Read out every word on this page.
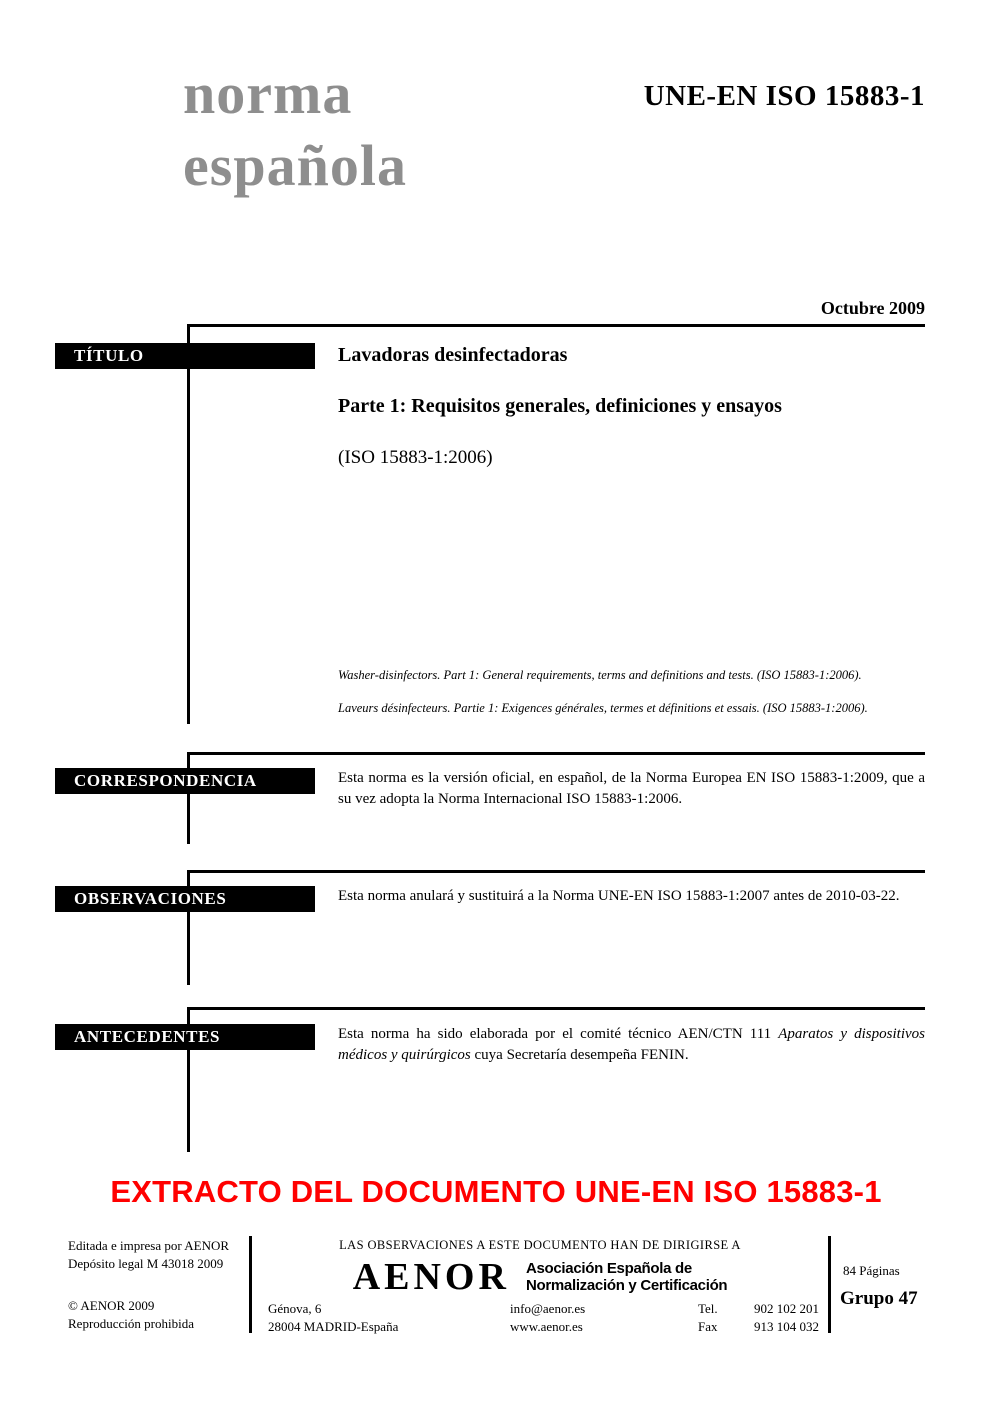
norma
española
UNE-EN ISO 15883-1
Octubre 2009
TÍTULO	Lavadoras desinfectadoras
Parte 1: Requisitos generales, definiciones y ensayos
(ISO 15883-1:2006)
Washer-disinfectors. Part 1: General requirements, terms and definitions and tests. (ISO 15883-1:2006).
Laveurs désinfecteurs. Partie 1: Exigences générales, termes et définitions et essais. (ISO 15883-1:2006).
CORRESPONDENCIA	Esta norma es la versión oficial, en español, de la Norma Europea EN ISO 15883-1:2009, que a su vez adopta la Norma Internacional ISO 15883-1:2006.
OBSERVACIONES	Esta norma anulará y sustituirá a la Norma UNE-EN ISO 15883-1:2007 antes de 2010-03-22.
ANTECEDENTES	Esta norma ha sido elaborada por el comité técnico AEN/CTN 111 Aparatos y dispositivos médicos y quirúrgicos cuya Secretaría desempeña FENIN.
EXTRACTO DEL DOCUMENTO UNE-EN ISO 15883-1
Editada e impresa por AENOR
Depósito legal M 43018 2009
© AENOR 2009
Reproducción prohibida
LAS OBSERVACIONES A ESTE DOCUMENTO HAN DE DIRIGIRSE A
AENOR Asociación Española de
Normalización y Certificación
Génova, 6
28004 MADRID-España
info@aenor.es
www.aenor.es
Tel.	902 102 201
Fax	913 104 032
84 Páginas
Grupo 47
